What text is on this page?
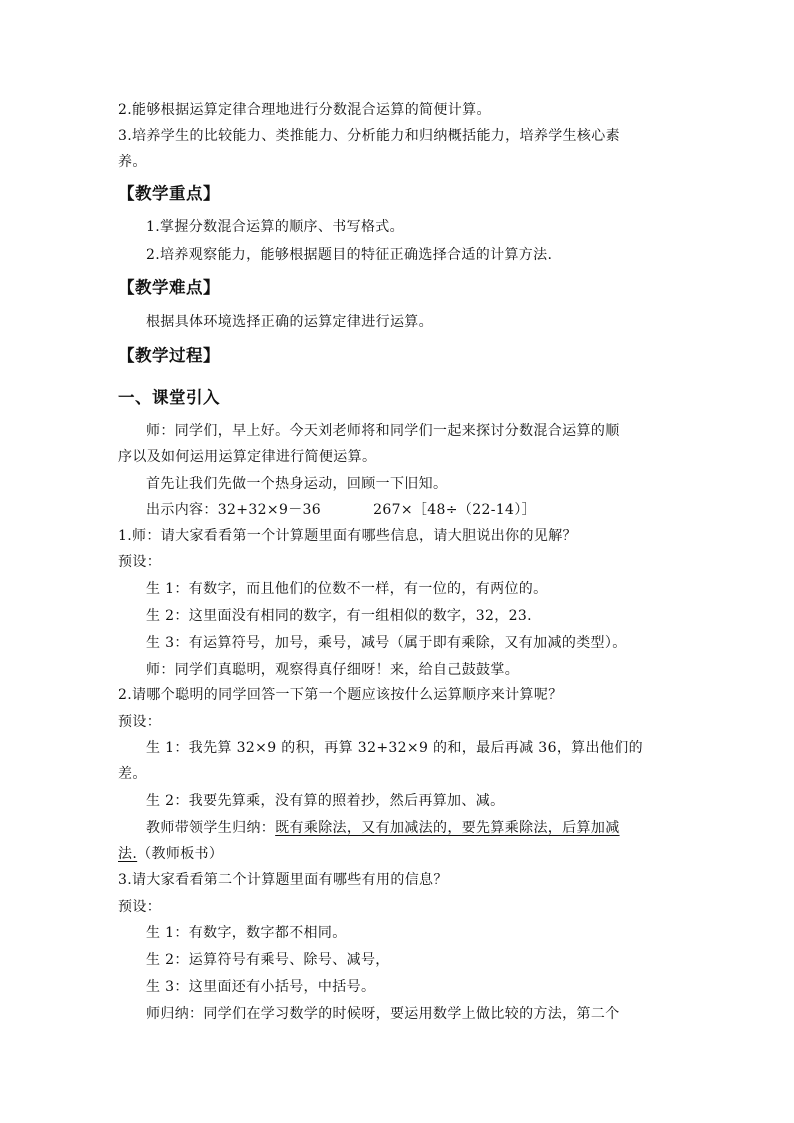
2.能够根据运算定律合理地进行分数混合运算的简便计算。
3.培养学生的比较能力、类推能力、分析能力和归纳概括能力，培养学生核心素
养。
【教学重点】
1.掌握分数混合运算的顺序、书写格式。
2.培养观察能力，能够根据题目的特征正确选择合适的计算方法.
【教学难点】
根据具体环境选择正确的运算定律进行运算。
【教学过程】
一、课堂引入
师：同学们，早上好。今天刘老师将和同学们一起来探讨分数混合运算的顺
序以及如何运用运算定律进行简便运算。
首先让我们先做一个热身运动，回顾一下旧知。
出示内容：32+32×9－36	267×［48÷（22-14）］
1.师：请大家看看第一个计算题里面有哪些信息，请大胆说出你的见解？
预设：
生 1：有数字，而且他们的位数不一样，有一位的，有两位的。
生 2：这里面没有相同的数字，有一组相似的数字，32，23.
生 3：有运算符号，加号，乘号，减号（属于即有乘除，又有加减的类型）。
师：同学们真聪明，观察得真仔细呀！来，给自己鼓鼓掌。
2.请哪个聪明的同学回答一下第一个题应该按什么运算顺序来计算呢？
预设：
生 1：我先算 32×9 的积，再算 32+32×9 的和，最后再减 36，算出他们的
差。
生 2：我要先算乘，没有算的照着抄，然后再算加、减。
教师带领学生归纳：既有乘除法，又有加减法的，要先算乘除法，后算加减
法.（教师板书）
3.请大家看看第二个计算题里面有哪些有用的信息？
预设：
生 1：有数字，数字都不相同。
生 2：运算符号有乘号、除号、减号，
生 3：这里面还有小括号，中括号。
师归纳：同学们在学习数学的时候呀，要运用数学上做比较的方法，第二个
